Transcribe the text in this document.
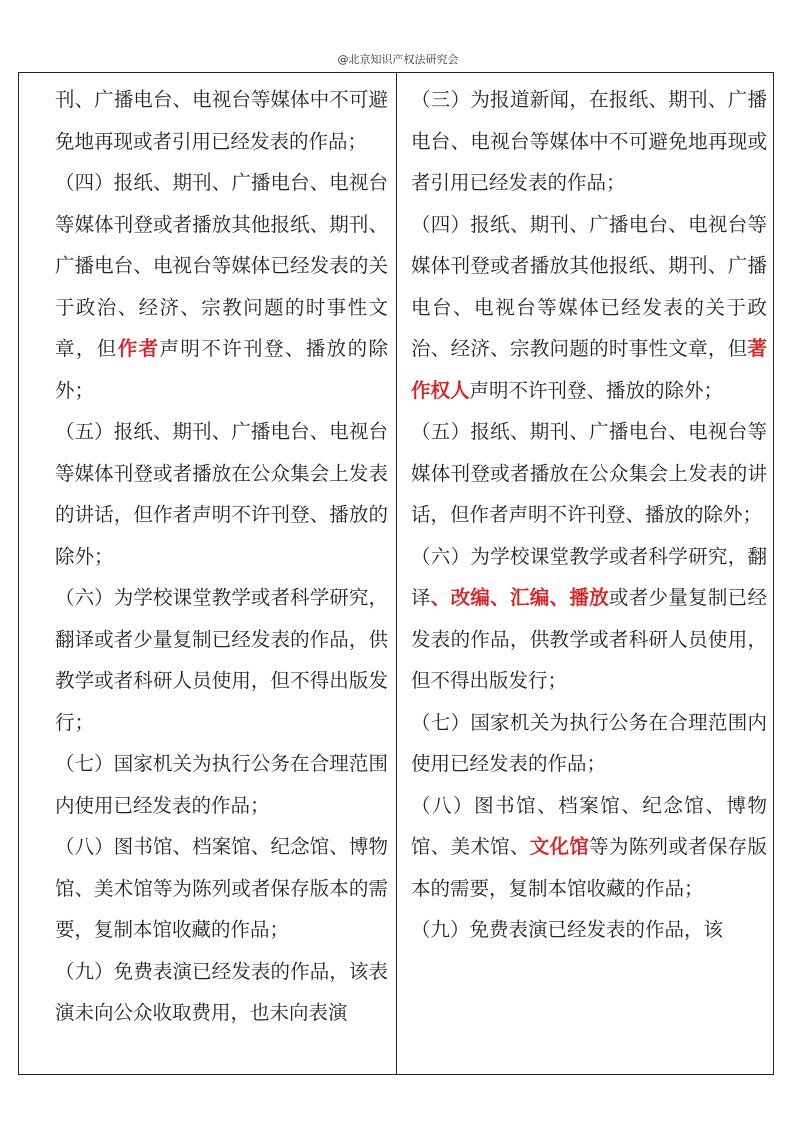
@北京知识产权法研究会

刊、广播电台、电视台等媒体中不可避免地再现或者引用已经发表的作品；

（四）报纸、期刊、广播电台、电视台等媒体刊登或者播放其他报纸、期刊、广播电台、电视台等媒体已经发表的关于政治、经济、宗教问题的时事性文章，但作者声明不许刊登、播放的除外；

（五）报纸、期刊、广播电台、电视台等媒体刊登或者播放在公众集会上发表的讲话，但作者声明不许刊登、播放的除外；

（六）为学校课堂教学或者科学研究，翻译或者少量复制已经发表的作品，供教学或者科研人员使用，但不得出版发行；

（七）国家机关为执行公务在合理范围内使用已经发表的作品；

（八）图书馆、档案馆、纪念馆、博物馆、美术馆等为陈列或者保存版本的需要，复制本馆收藏的作品；

（九）免费表演已经发表的作品，该表演未向公众收取费用，也未向表演

（三）为报道新闻，在报纸、期刊、广播电台、电视台等媒体中不可避免地再现或者引用已经发表的作品；

（四）报纸、期刊、广播电台、电视台等媒体刊登或者播放其他报纸、期刊、广播电台、电视台等媒体已经发表的关于政治、经济、宗教问题的时事性文章，但著作权人声明不许刊登、播放的除外；

（五）报纸、期刊、广播电台、电视台等媒体刊登或者播放在公众集会上发表的讲话，但作者声明不许刊登、播放的除外；

（六）为学校课堂教学或者科学研究，翻译、改编、汇编、播放或者少量复制已经发表的作品，供教学或者科研人员使用，但不得出版发行；

（七）国家机关为执行公务在合理范围内使用已经发表的作品；

（八）图书馆、档案馆、纪念馆、博物馆、美术馆、文化馆等为陈列或者保存版本的需要，复制本馆收藏的作品；

（九）免费表演已经发表的作品，该
